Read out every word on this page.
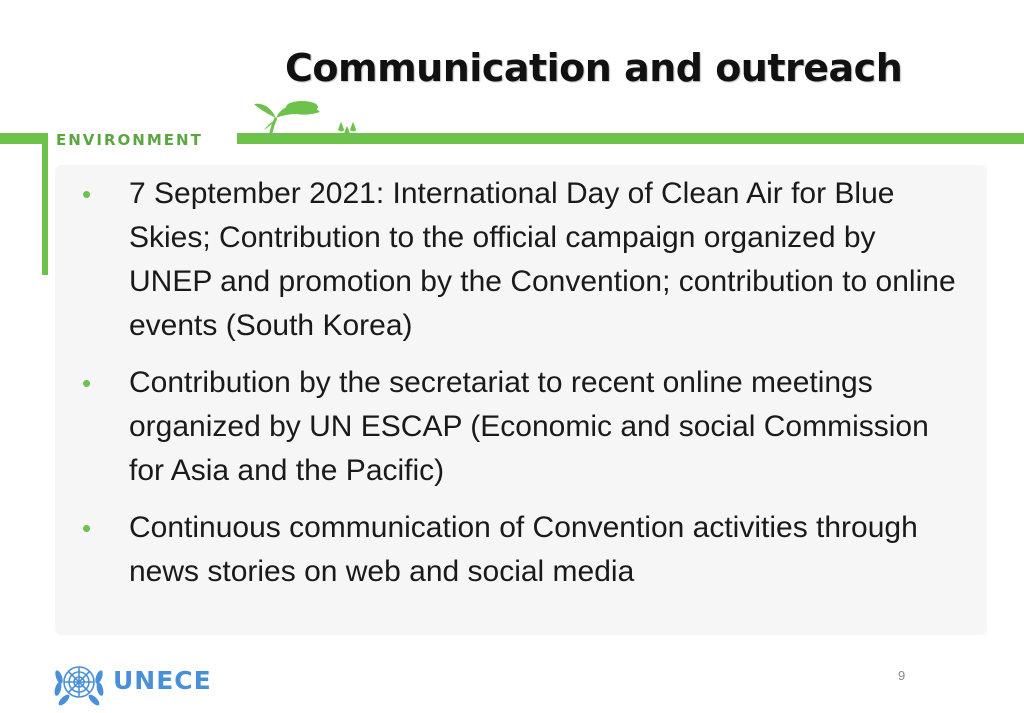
Communication and outreach
ENVIRONMENT
• 7 September 2021: International Day of Clean Air for Blue Skies; Contribution to the official campaign organized by UNEP and promotion by the Convention; contribution to online events (South Korea)
• Contribution by the secretariat to recent online meetings organized by UN ESCAP (Economic and social Commission for Asia and the Pacific)
• Continuous communication of Convention activities through news stories on web and social media
UNECE	9
